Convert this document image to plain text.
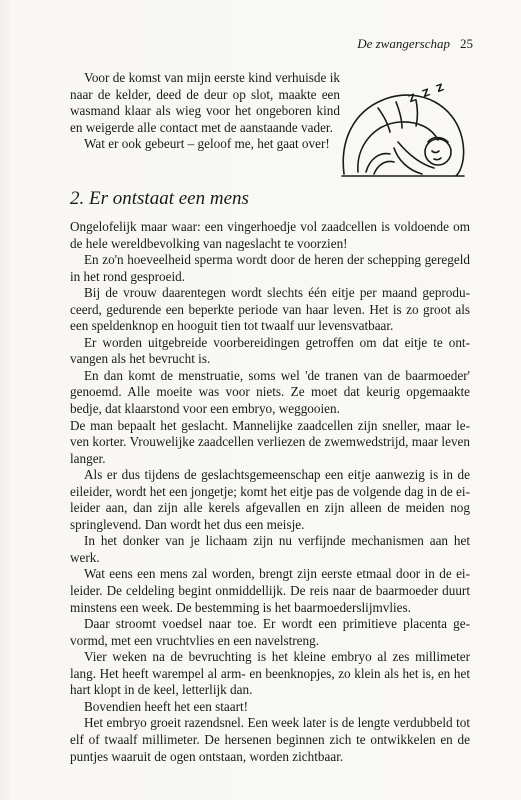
De zwangerschap 25

Voor de komst van mijn eerste kind verhuisde ik naar de kelder, deed de deur op slot, maakte een wasmand klaar als wieg voor het ongeboren kind en weigerde alle contact met de aanstaande vader.

Wat er ook gebeurt – geloof me, het gaat over!

Z Z Z
2. Er ontstaat een mens

Ongelofelijk maar waar: een vingerhoedje vol zaadcellen is voldoende om de hele wereldbevolking van nageslacht te voorzien!

En zo'n hoeveelheid sperma wordt door de heren der schepping geregeld in het rond gesproeid.

Bij de vrouw daarentegen wordt slechts één eitje per maand geproduceerd, gedurende een beperkte periode van haar leven. Het is zo groot als een speldenknop en hooguit tien tot twaalf uur levensvatbaar.

Er worden uitgebreide voorbereidingen getroffen om dat eitje te ontvangen als het bevrucht is.

En dan komt de menstruatie, soms wel 'de tranen van de baarmoeder' genoemd. Alle moeite was voor niets. Ze moet dat keurig opgemaakte bedje, dat klaarstond voor een embryo, weggooien.

De man bepaalt het geslacht. Mannelijke zaadcellen zijn sneller, maar leven korter. Vrouwelijke zaadcellen verliezen de zwemwedstrijd, maar leven langer.

Als er dus tijdens de geslachtsgemeenschap een eitje aanwezig is in de eileider, wordt het een jongetje; komt het eitje pas de volgende dag in de eileider aan, dan zijn alle kerels afgevallen en zijn alleen de meiden nog springlevend. Dan wordt het dus een meisje.

In het donker van je lichaam zijn nu verfijnde mechanismen aan het werk.

Wat eens een mens zal worden, brengt zijn eerste etmaal door in de eileider. De celdeling begint onmiddellijk. De reis naar de baarmoeder duurt minstens een week. De bestemming is het baarmoederslijmvlies.

Daar stroomt voedsel naar toe. Er wordt een primitieve placenta gevormd, met een vruchtvlies en een navelstreng.

Vier weken na de bevruchting is het kleine embryo al zes millimeter lang. Het heeft warempel al arm- en beenknopjes, zo klein als het is, en het hart klopt in de keel, letterlijk dan.

Bovendien heeft het een staart!

Het embryo groeit razendsnel. Een week later is de lengte verdubbeld tot elf of twaalf millimeter. De hersenen beginnen zich te ontwikkelen en de puntjes waaruit de ogen ontstaan, worden zichtbaar.
